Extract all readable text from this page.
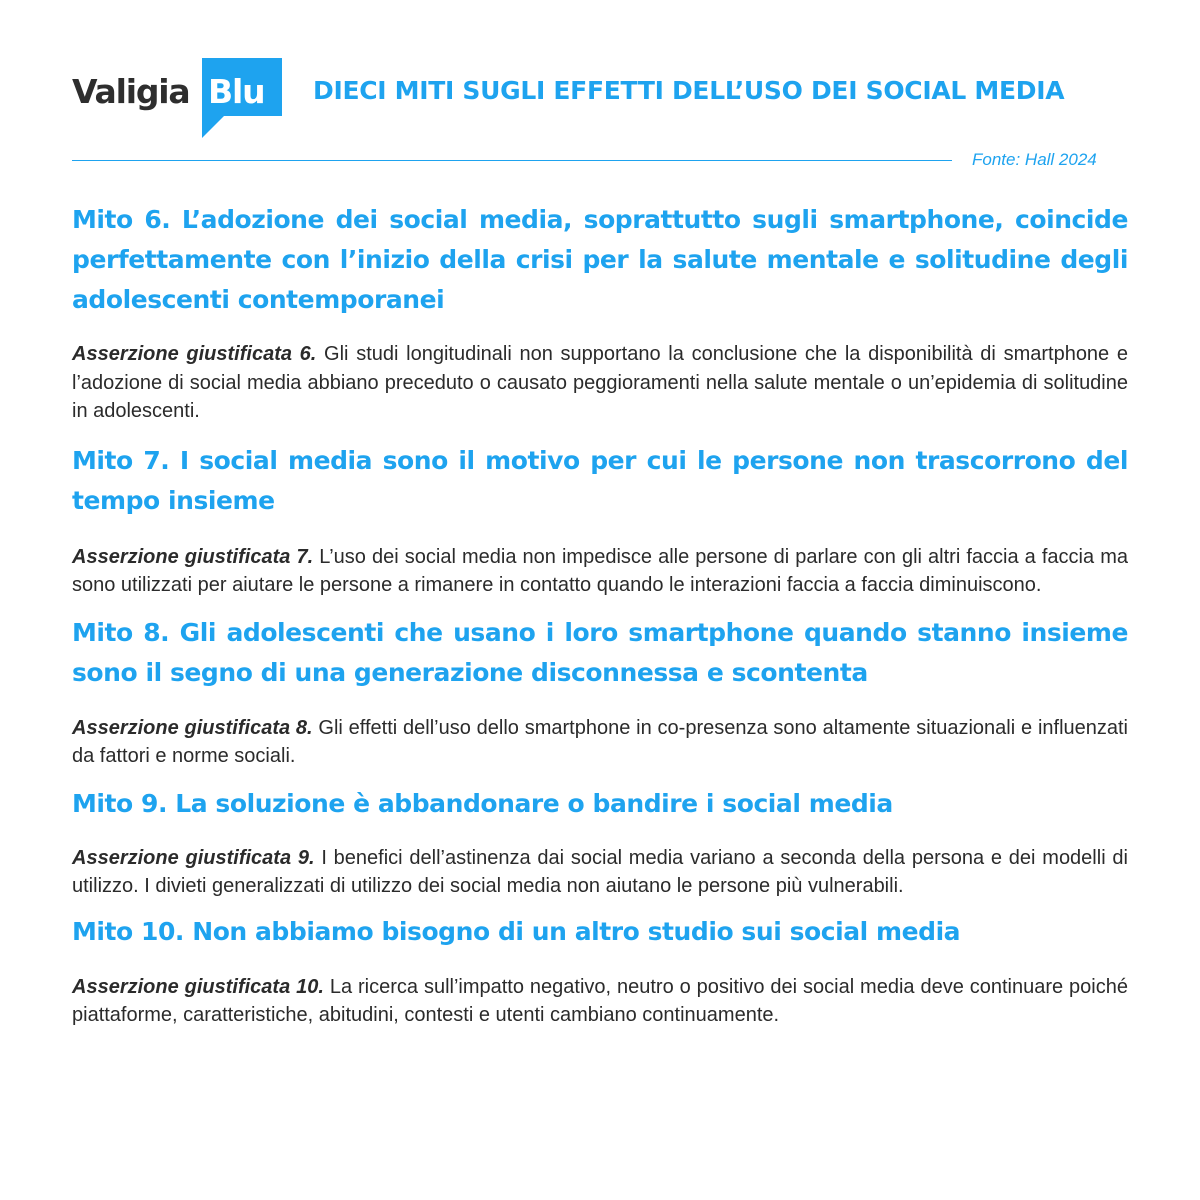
Valigia Blu DIECI MITI SUGLI EFFETTI DELL’USO DEI SOCIAL MEDIA
Fonte: Hall 2024

Mito 6. L’adozione dei social media, soprattutto sugli smartphone, coincide perfettamente con l’inizio della crisi per la salute mentale e solitudine degli adolescenti contemporanei

Asserzione giustificata 6. Gli studi longitudinali non supportano la conclusione che la disponibilità di smartphone e l’adozione di social media abbiano preceduto o causato peggioramenti nella salute mentale o un’epidemia di solitudine in adolescenti.

Mito 7. I social media sono il motivo per cui le persone non trascorrono del tempo insieme

Asserzione giustificata 7. L’uso dei social media non impedisce alle persone di parlare con gli altri faccia a faccia ma sono utilizzati per aiutare le persone a rimanere in contatto quando le interazioni faccia a faccia diminuiscono.

Mito 8. Gli adolescenti che usano i loro smartphone quando stanno insieme sono il segno di una generazione disconnessa e scontenta

Asserzione giustificata 8. Gli effetti dell’uso dello smartphone in co-presenza sono altamente situazionali e influenzati da fattori e norme sociali.

Mito 9. La soluzione è abbandonare o bandire i social media

Asserzione giustificata 9. I benefici dell’astinenza dai social media variano a seconda della persona e dei modelli di utilizzo. I divieti generalizzati di utilizzo dei social media non aiutano le persone più vulnerabili.

Mito 10. Non abbiamo bisogno di un altro studio sui social media

Asserzione giustificata 10. La ricerca sull’impatto negativo, neutro o positivo dei social media deve continuare poiché piattaforme, caratteristiche, abitudini, contesti e utenti cambiano continuamente.
